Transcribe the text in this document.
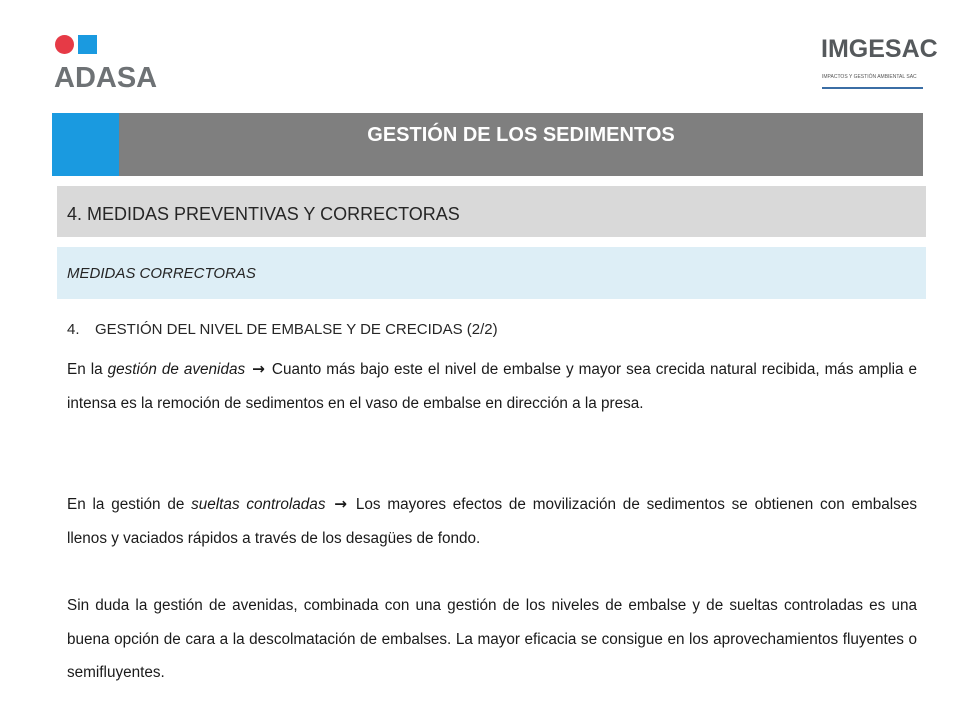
ADASA
IMGESAC
IMPACTOS Y GESTIÓN AMBIENTAL SAC
GESTIÓN DE LOS SEDIMENTOS
4. MEDIDAS PREVENTIVAS Y CORRECTORAS
MEDIDAS CORRECTORAS
4. GESTIÓN DEL NIVEL DE EMBALSE Y DE CRECIDAS (2/2)
En la gestión de avenidas → Cuanto más bajo este el nivel de embalse y mayor sea crecida natural recibida, más amplia e intensa es la remoción de sedimentos en el vaso de embalse en dirección a la presa.
En la gestión de sueltas controladas → Los mayores efectos de movilización de sedimentos se obtienen con embalses llenos y vaciados rápidos a través de los desagües de fondo.
Sin duda la gestión de avenidas, combinada con una gestión de los niveles de embalse y de sueltas controladas es una buena opción de cara a la descolmatación de embalses. La mayor eficacia se consigue en los aprovechamientos fluyentes o semifluyentes.
